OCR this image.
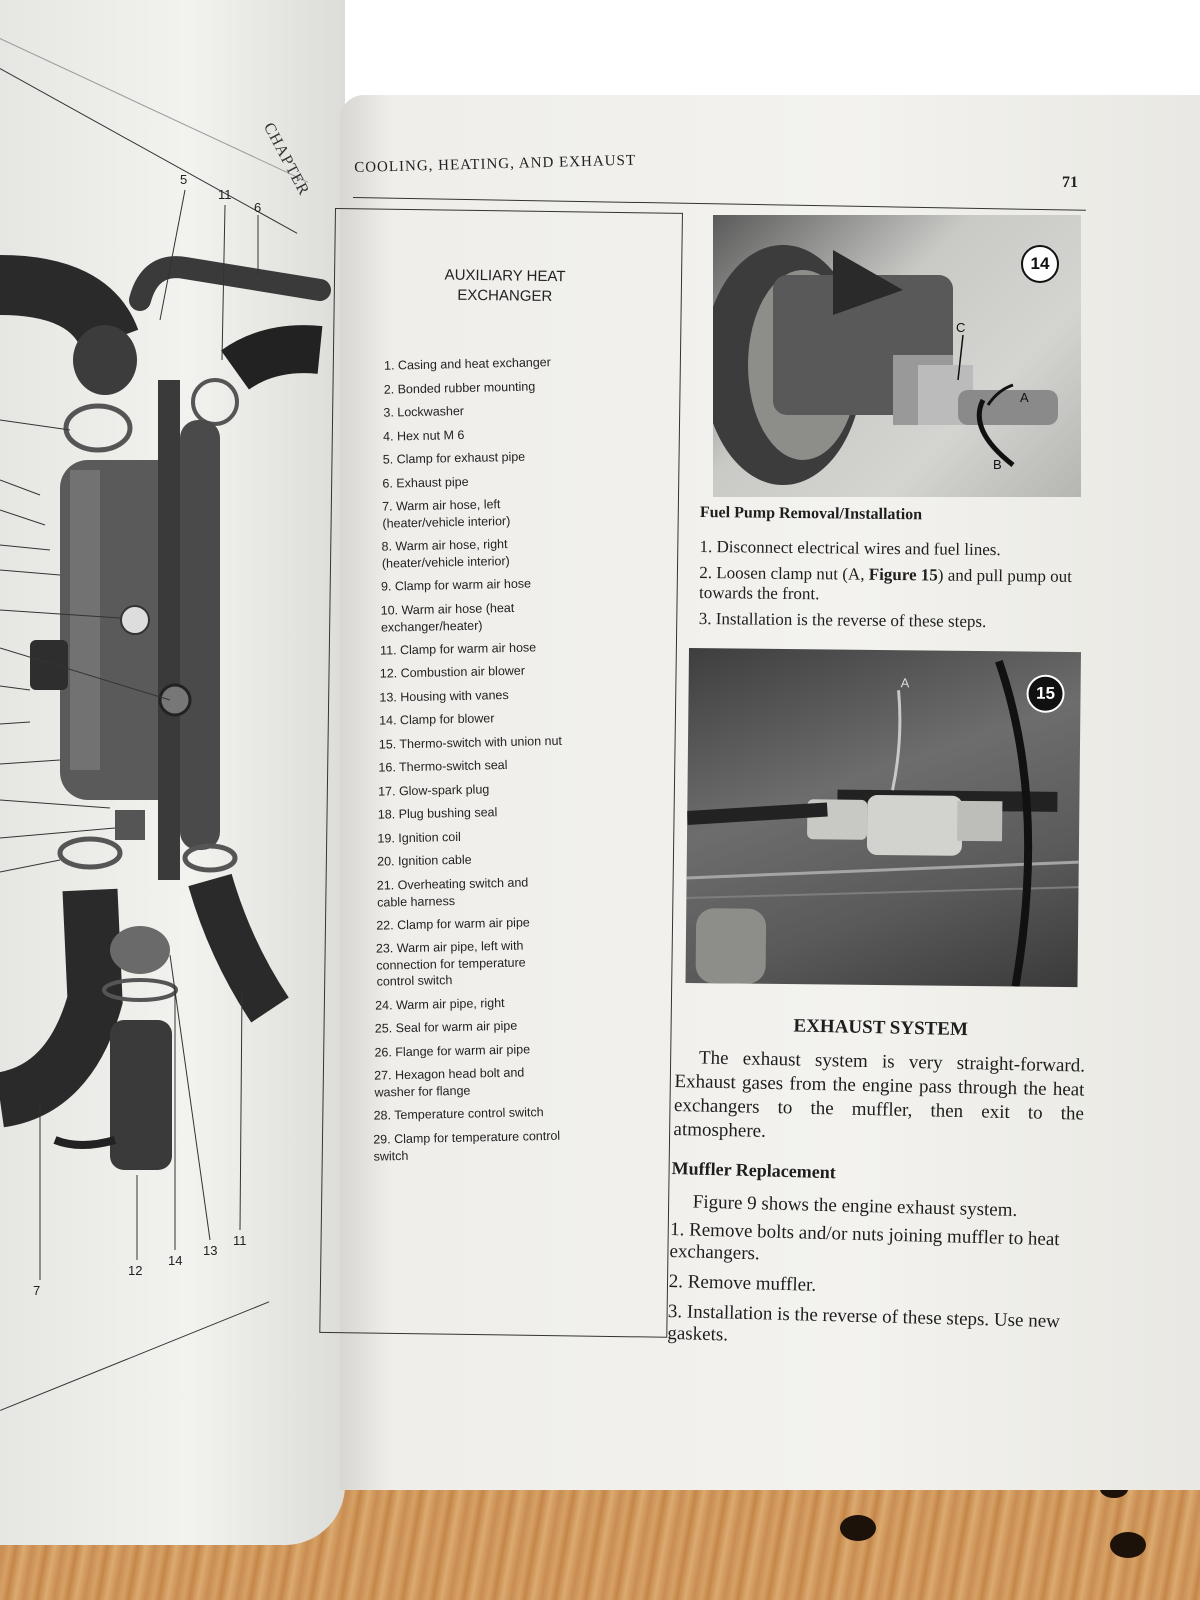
CHAPTER
5
11
6
7
12
14
13
11
COOLING, HEATING, AND EXHAUST
71
AUXILIARY HEAT
EXCHANGER
1. Casing and heat exchanger
2. Bonded rubber mounting
3. Lockwasher
4. Hex nut M 6
5. Clamp for exhaust pipe
6. Exhaust pipe
7. Warm air hose, left (heater/vehicle interior)
8. Warm air hose, right (heater/vehicle interior)
9. Clamp for warm air hose
10. Warm air hose (heat exchanger/heater)
11. Clamp for warm air hose
12. Combustion air blower
13. Housing with vanes
14. Clamp for blower
15. Thermo-switch with union nut
16. Thermo-switch seal
17. Glow-spark plug
18. Plug bushing seal
19. Ignition coil
20. Ignition cable
21. Overheating switch and cable harness
22. Clamp for warm air pipe
23. Warm air pipe, left with connection for temperature control switch
24. Warm air pipe, right
25. Seal for warm air pipe
26. Flange for warm air pipe
27. Hexagon head bolt and washer for flange
28. Temperature control switch
29. Clamp for temperature control switch
14
C
A
B
Fuel Pump Removal/Installation

1. Disconnect electrical wires and fuel lines.

2. Loosen clamp nut (A, Figure 15) and pull pump out towards the front.

3. Installation is the reverse of these steps.

15
A
EXHAUST SYSTEM

The exhaust system is very straight-forward. Exhaust gases from the engine pass through the heat exchangers to the muffler, then exit to the atmosphere.

Muffler Replacement

Figure 9 shows the engine exhaust system.

1. Remove bolts and/or nuts joining muffler to heat exchangers.

2. Remove muffler.

3. Installation is the reverse of these steps. Use new gaskets.
